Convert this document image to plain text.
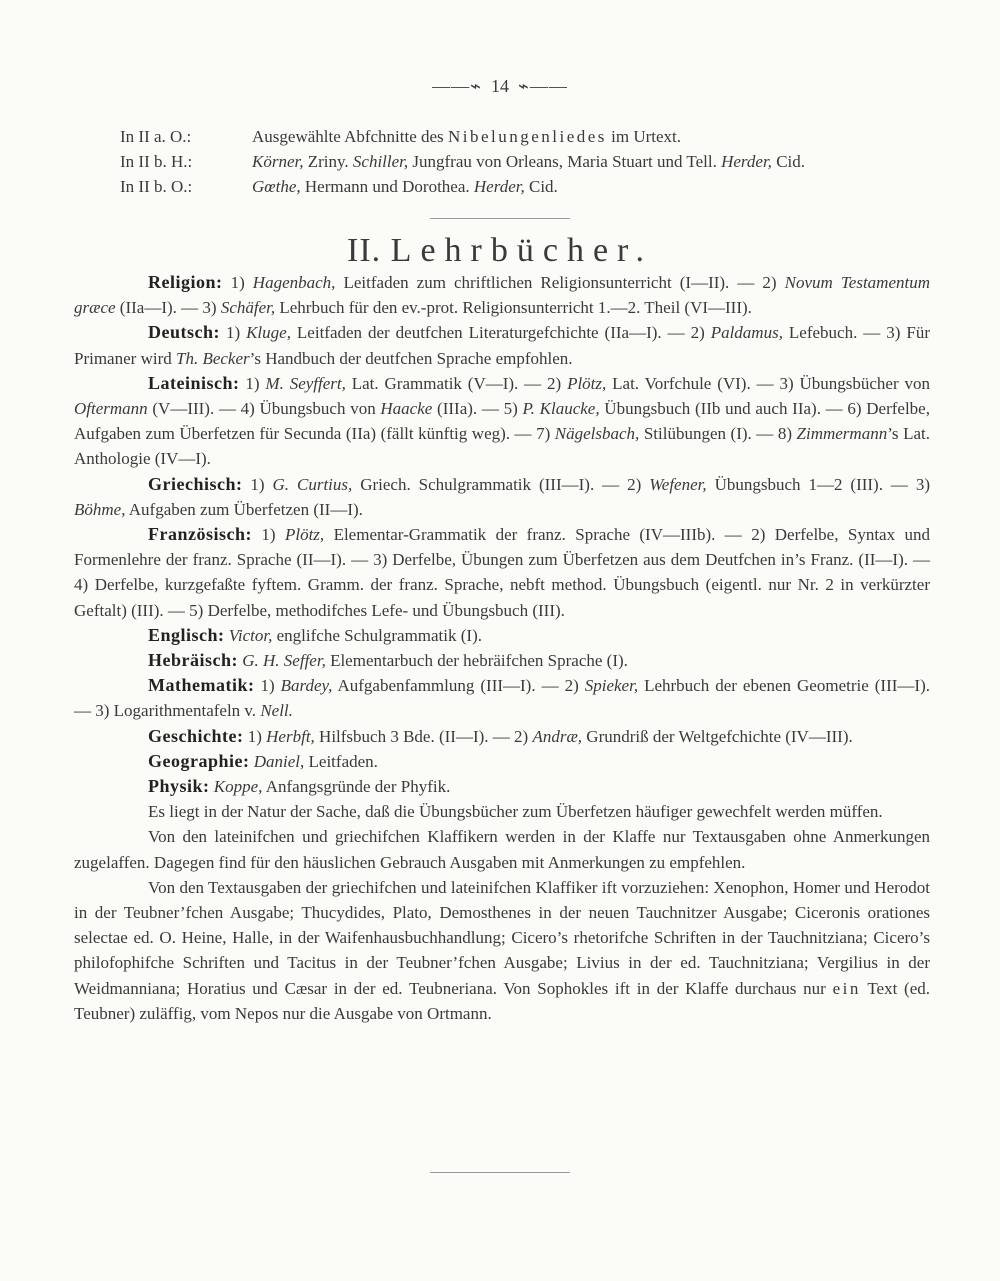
——⌁ 14 ⌁——
In II a. O.:	Ausgewählte Abfchnitte des Nibelungenliedes im Urtext.
In II b. H.:	Körner, Zriny. Schiller, Jungfrau von Orleans, Maria Stuart und Tell. Herder, Cid.
In II b. O.:	Gœthe, Hermann und Dorothea. Herder, Cid.
II. Lehrbücher.

Religion: 1) Hagenbach, Leitfaden zum chriftlichen Religionsunterricht (I—II). — 2) Novum Testamentum græce (IIa—I). — 3) Schäfer, Lehrbuch für den ev.-prot. Religionsunterricht 1.—2. Theil (VI—III).

Deutsch: 1) Kluge, Leitfaden der deutfchen Literaturgefchichte (IIa—I). — 2) Paldamus, Lefebuch. — 3) Für Primaner wird Th. Becker’s Handbuch der deutfchen Sprache empfohlen.

Lateinisch: 1) M. Seyffert, Lat. Grammatik (V—I). — 2) Plötz, Lat. Vorfchule (VI). — 3) Übungsbücher von Oftermann (V—III). — 4) Übungsbuch von Haacke (IIIa). — 5) P. Klaucke, Übungsbuch (IIb und auch IIa). — 6) Derfelbe, Aufgaben zum Überfetzen für Secunda (IIa) (fällt künftig weg). — 7) Nägelsbach, Stilübungen (I). — 8) Zimmermann’s Lat. Anthologie (IV—I).

Griechisch: 1) G. Curtius, Griech. Schulgrammatik (III—I). — 2) Wefener, Übungsbuch 1—2 (III). — 3) Böhme, Aufgaben zum Überfetzen (II—I).

Französisch: 1) Plötz, Elementar-Grammatik der franz. Sprache (IV—IIIb). — 2) Derfelbe, Syntax und Formenlehre der franz. Sprache (II—I). — 3) Derfelbe, Übungen zum Überfetzen aus dem Deutfchen in’s Franz. (II—I). — 4) Derfelbe, kurzgefaßte fyftem. Gramm. der franz. Sprache, nebft method. Übungsbuch (eigentl. nur Nr. 2 in verkürzter Geftalt) (III). — 5) Derfelbe, methodifches Lefe- und Übungsbuch (III).

Englisch: Victor, englifche Schulgrammatik (I).

Hebräisch: G. H. Seffer, Elementarbuch der hebräifchen Sprache (I).

Mathematik: 1) Bardey, Aufgabenfammlung (III—I). — 2) Spieker, Lehrbuch der ebenen Geometrie (III—I). — 3) Logarithmentafeln v. Nell.

Geschichte: 1) Herbft, Hilfsbuch 3 Bde. (II—I). — 2) Andræ, Grundriß der Weltgefchichte (IV—III).

Geographie: Daniel, Leitfaden.

Physik: Koppe, Anfangsgründe der Phyfik.

Es liegt in der Natur der Sache, daß die Übungsbücher zum Überfetzen häufiger gewechfelt werden müffen.

Von den lateinifchen und griechifchen Klaffikern werden in der Klaffe nur Textausgaben ohne Anmerkungen zugelaffen. Dagegen find für den häuslichen Gebrauch Ausgaben mit Anmerkungen zu empfehlen.

Von den Textausgaben der griechifchen und lateinifchen Klaffiker ift vorzuziehen: Xenophon, Homer und Herodot in der Teubner’fchen Ausgabe; Thucydides, Plato, Demosthenes in der neuen Tauchnitzer Ausgabe; Ciceronis orationes selectae ed. O. Heine, Halle, in der Waifenhausbuchhandlung; Cicero’s rhetorifche Schriften in der Tauchnitziana; Cicero’s philofophifche Schriften und Tacitus in der Teubner’fchen Ausgabe; Livius in der ed. Tauchnitziana; Vergilius in der Weidmanniana; Horatius und Cæsar in der ed. Teubneriana. Von Sophokles ift in der Klaffe durchaus nur ein Text (ed. Teubner) zuläffig, vom Nepos nur die Ausgabe von Ortmann.
